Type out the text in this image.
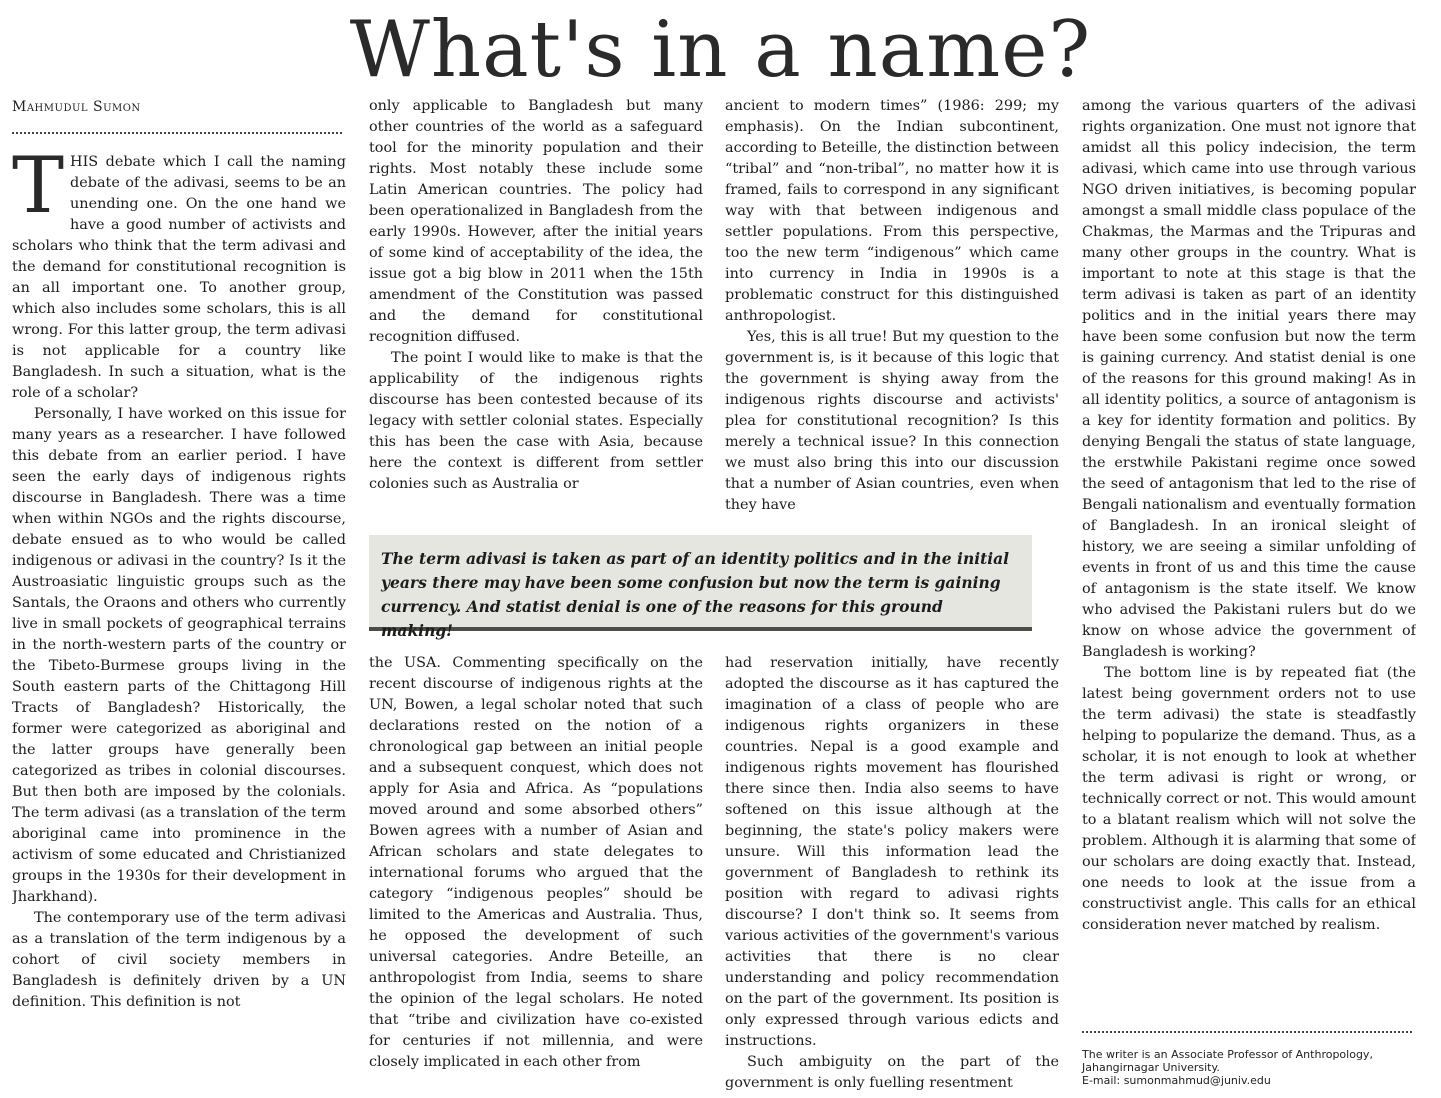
What's in a name?
Mahmudul Sumon

THIS debate which I call the naming debate of the adivasi, seems to be an unending one. On the one hand we have a good number of activists and scholars who think that the term adivasi and the demand for constitutional recognition is an all important one. To another group, which also includes some scholars, this is all wrong. For this latter group, the term adivasi is not applicable for a country like Bangladesh. In such a situation, what is the role of a scholar?

Personally, I have worked on this issue for many years as a researcher. I have followed this debate from an earlier period. I have seen the early days of indigenous rights discourse in Bangladesh. There was a time when within NGOs and the rights discourse, debate ensued as to who would be called indigenous or adivasi in the country? Is it the Austroasiatic linguistic groups such as the Santals, the Oraons and others who currently live in small pockets of geographical terrains in the north-western parts of the country or the Tibeto-Burmese groups living in the South eastern parts of the Chittagong Hill Tracts of Bangladesh? Historically, the former were categorized as aboriginal and the latter groups have generally been categorized as tribes in colonial discourses. But then both are imposed by the colonials. The term adivasi (as a translation of the term aboriginal came into prominence in the activism of some educated and Christianized groups in the 1930s for their development in Jharkhand).

The contemporary use of the term adivasi as a translation of the term indigenous by a cohort of civil society members in Bangladesh is definitely driven by a UN definition. This definition is not

only applicable to Bangladesh but many other countries of the world as a safeguard tool for the minority population and their rights. Most notably these include some Latin American countries. The policy had been operationalized in Bangladesh from the early 1990s. However, after the initial years of some kind of acceptability of the idea, the issue got a big blow in 2011 when the 15th amendment of the Constitution was passed and the demand for constitutional recognition diffused.

The point I would like to make is that the applicability of the indigenous rights discourse has been contested because of its legacy with settler colonial states. Especially this has been the case with Asia, because here the context is different from settler colonies such as Australia or

ancient to modern times” (1986: 299; my emphasis). On the Indian subcontinent, according to Beteille, the distinction between “tribal” and “non-tribal”, no matter how it is framed, fails to correspond in any significant way with that between indigenous and settler populations. From this perspective, too the new term “indigenous” which came into currency in India in 1990s is a problematic construct for this distinguished anthropologist.

Yes, this is all true! But my question to the government is, is it because of this logic that the government is shying away from the indigenous rights discourse and activists' plea for constitutional recognition? Is this merely a technical issue? In this connection we must also bring this into our discussion that a number of Asian countries, even when they have

The term adivasi is taken as part of an identity politics and in the initial years there may have been some confusion but now the term is gaining currency. And statist denial is one of the reasons for this ground making!

the USA. Commenting specifically on the recent discourse of indigenous rights at the UN, Bowen, a legal scholar noted that such declarations rested on the notion of a chronological gap between an initial people and a subsequent conquest, which does not apply for Asia and Africa. As “populations moved around and some absorbed others” Bowen agrees with a number of Asian and African scholars and state delegates to international forums who argued that the category “indigenous peoples” should be limited to the Americas and Australia. Thus, he opposed the development of such universal categories. Andre Beteille, an anthropologist from India, seems to share the opinion of the legal scholars. He noted that “tribe and civilization have co-existed for centuries if not millennia, and were closely implicated in each other from

had reservation initially, have recently adopted the discourse as it has captured the imagination of a class of people who are indigenous rights organizers in these countries. Nepal is a good example and indigenous rights movement has flourished there since then. India also seems to have softened on this issue although at the beginning, the state's policy makers were unsure. Will this information lead the government of Bangladesh to rethink its position with regard to adivasi rights discourse? I don't think so. It seems from various activities of the government's various activities that there is no clear understanding and policy recommendation on the part of the government. Its position is only expressed through various edicts and instructions.

Such ambiguity on the part of the government is only fuelling resentment

among the various quarters of the adivasi rights organization. One must not ignore that amidst all this policy indecision, the term adivasi, which came into use through various NGO driven initiatives, is becoming popular amongst a small middle class populace of the Chakmas, the Marmas and the Tripuras and many other groups in the country. What is important to note at this stage is that the term adivasi is taken as part of an identity politics and in the initial years there may have been some confusion but now the term is gaining currency. And statist denial is one of the reasons for this ground making! As in all identity politics, a source of antagonism is a key for identity formation and politics. By denying Bengali the status of state language, the erstwhile Pakistani regime once sowed the seed of antagonism that led to the rise of Bengali nationalism and eventually formation of Bangladesh. In an ironical sleight of history, we are seeing a similar unfolding of events in front of us and this time the cause of antagonism is the state itself. We know who advised the Pakistani rulers but do we know on whose advice the government of Bangladesh is working?

The bottom line is by repeated fiat (the latest being government orders not to use the term adivasi) the state is steadfastly helping to popularize the demand. Thus, as a scholar, it is not enough to look at whether the term adivasi is right or wrong, or technically correct or not. This would amount to a blatant realism which will not solve the problem. Although it is alarming that some of our scholars are doing exactly that. Instead, one needs to look at the issue from a constructivist angle. This calls for an ethical consideration never matched by realism.

The writer is an Associate Professor of Anthropology,
Jahangirnagar University.
E-mail: sumonmahmud@juniv.edu
